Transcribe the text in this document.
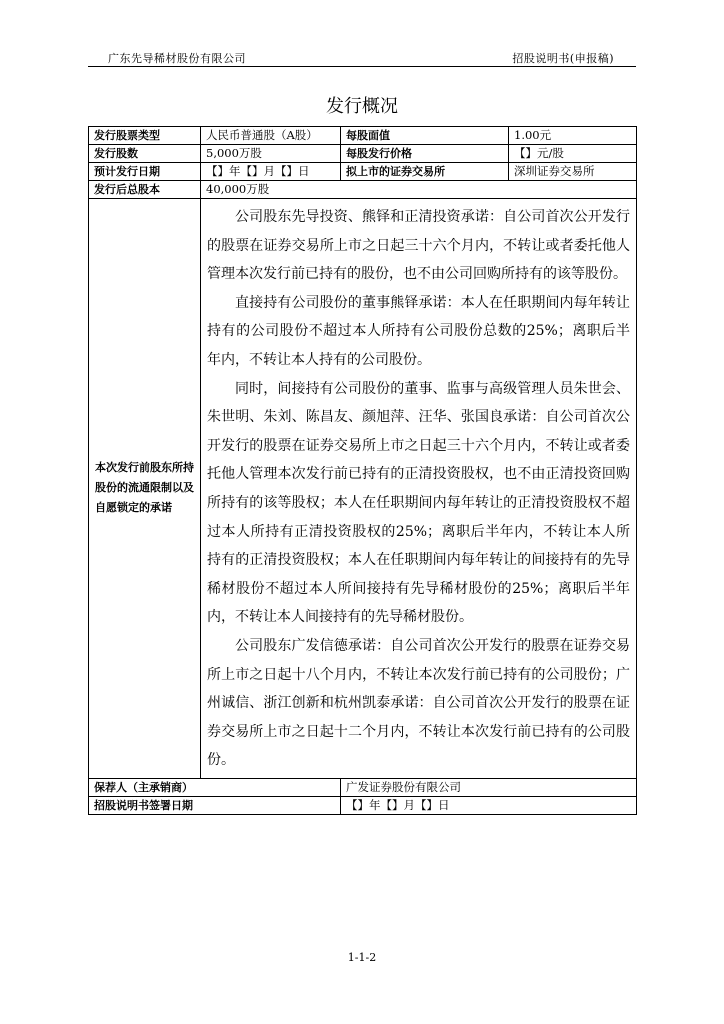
广东先导稀材股份有限公司	招股说明书(申报稿)
发行概况
发行股票类型	人民币普通股（A股）	每股面值	1.00元
发行股数	5,000万股	每股发行价格	【】元/股
预计发行日期	【】年【】月【】日	拟上市的证券交易所	深圳证券交易所
发行后总股本	40,000万股		
本次发行前股东所持股份的流通限制以及自愿锁定的承诺	公司股东先导投资、熊铎和正清投资承诺：自公司首次公开发行的股票在证券交易所上市之日起三十六个月内，不转让或者委托他人管理本次发行前已持有的股份，也不由公司回购所持有的该等股份。

直接持有公司股份的董事熊铎承诺：本人在任职期间内每年转让持有的公司股份不超过本人所持有公司股份总数的25%；离职后半年内，不转让本人持有的公司股份。

同时，间接持有公司股份的董事、监事与高级管理人员朱世会、朱世明、朱刘、陈昌友、颜旭萍、汪华、张国良承诺：自公司首次公开发行的股票在证券交易所上市之日起三十六个月内，不转让或者委托他人管理本次发行前已持有的正清投资股权，也不由正清投资回购所持有的该等股权；本人在任职期间内每年转让的正清投资股权不超过本人所持有正清投资股权的25%；离职后半年内，不转让本人所持有的正清投资股权；本人在任职期间内每年转让的间接持有的先导稀材股份不超过本人所间接持有先导稀材股份的25%；离职后半年内，不转让本人间接持有的先导稀材股份。

公司股东广发信德承诺：自公司首次公开发行的股票在证券交易所上市之日起十八个月内，不转让本次发行前已持有的公司股份；广州诚信、浙江创新和杭州凯泰承诺：自公司首次公开发行的股票在证券交易所上市之日起十二个月内，不转让本次发行前已持有的公司股份。		

保荐人（主承销商）		广发证券股份有限公司	
招股说明书签署日期		【】年【】月【】日	
1-1-2
